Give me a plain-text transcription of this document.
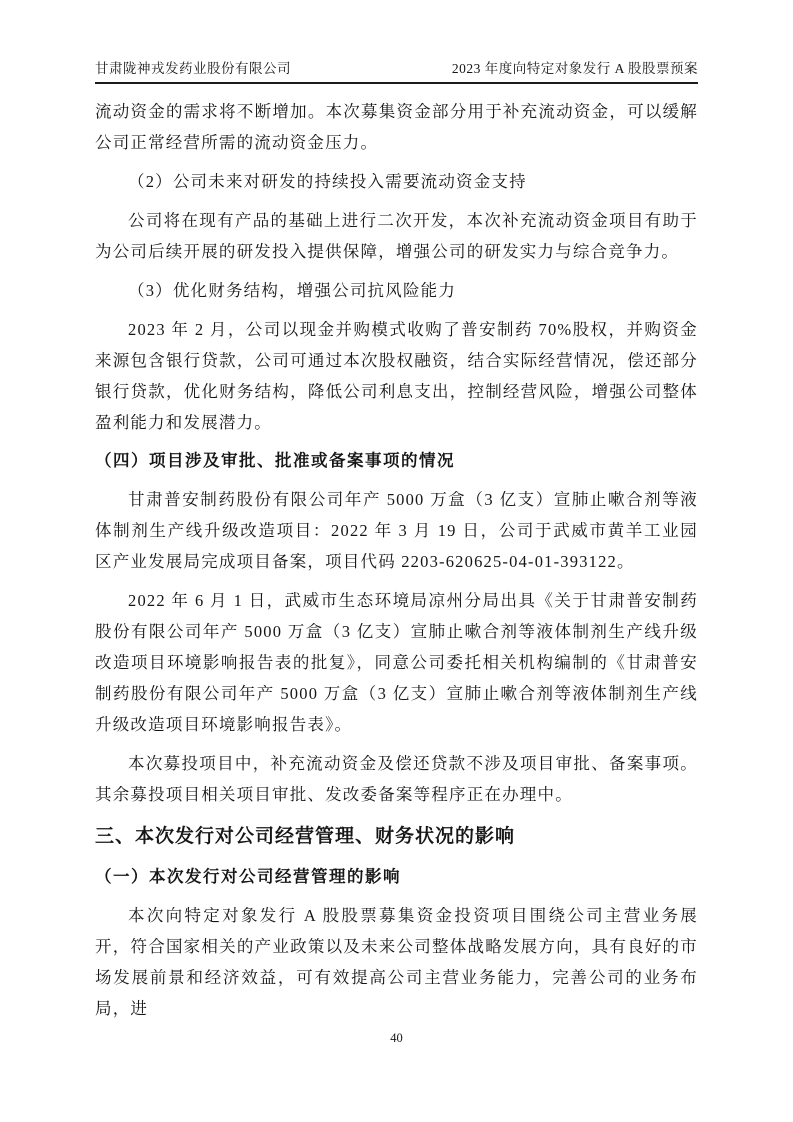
甘肃陇神戎发药业股份有限公司	2023 年度向特定对象发行 A 股股票预案

流动资金的需求将不断增加。本次募集资金部分用于补充流动资金，可以缓解公司正常经营所需的流动资金压力。

（2）公司未来对研发的持续投入需要流动资金支持

公司将在现有产品的基础上进行二次开发，本次补充流动资金项目有助于为公司后续开展的研发投入提供保障，增强公司的研发实力与综合竞争力。

（3）优化财务结构，增强公司抗风险能力

2023 年 2 月，公司以现金并购模式收购了普安制药 70%股权，并购资金来源包含银行贷款，公司可通过本次股权融资，结合实际经营情况，偿还部分银行贷款，优化财务结构，降低公司利息支出，控制经营风险，增强公司整体盈利能力和发展潜力。

（四）项目涉及审批、批准或备案事项的情况

甘肃普安制药股份有限公司年产 5000 万盒（3 亿支）宣肺止嗽合剂等液体制剂生产线升级改造项目：2022 年 3 月 19 日，公司于武威市黄羊工业园区产业发展局完成项目备案，项目代码 2203-620625-04-01-393122。

2022 年 6 月 1 日，武威市生态环境局凉州分局出具《关于甘肃普安制药股份有限公司年产 5000 万盒（3 亿支）宣肺止嗽合剂等液体制剂生产线升级改造项目环境影响报告表的批复》，同意公司委托相关机构编制的《甘肃普安制药股份有限公司年产 5000 万盒（3 亿支）宣肺止嗽合剂等液体制剂生产线升级改造项目环境影响报告表》。

本次募投项目中，补充流动资金及偿还贷款不涉及项目审批、备案事项。其余募投项目相关项目审批、发改委备案等程序正在办理中。

三、本次发行对公司经营管理、财务状况的影响

（一）本次发行对公司经营管理的影响

本次向特定对象发行 A 股股票募集资金投资项目围绕公司主营业务展开，符合国家相关的产业政策以及未来公司整体战略发展方向，具有良好的市场发展前景和经济效益，可有效提高公司主营业务能力，完善公司的业务布局，进

40
